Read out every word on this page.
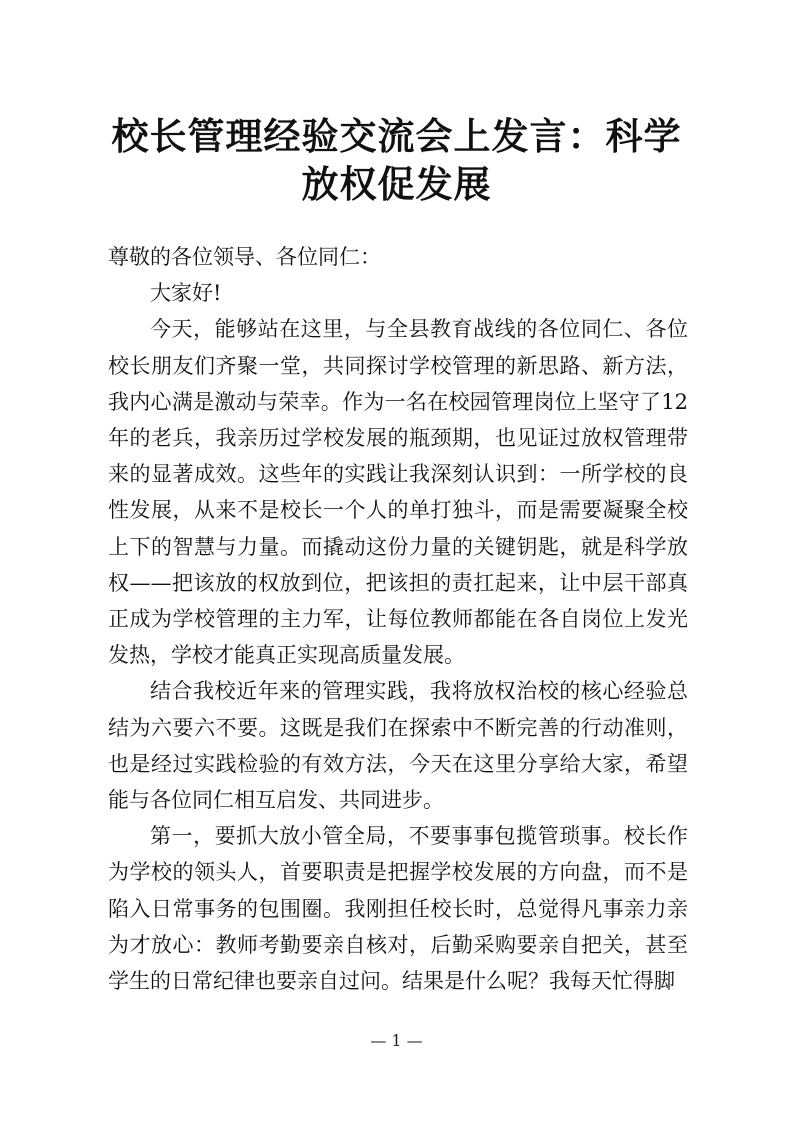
校长管理经验交流会上发言：科学放权促发展

尊敬的各位领导、各位同仁：

大家好!

今天，能够站在这里，与全县教育战线的各位同仁、各位校长朋友们齐聚一堂，共同探讨学校管理的新思路、新方法，我内心满是激动与荣幸。作为一名在校园管理岗位上坚守了12年的老兵，我亲历过学校发展的瓶颈期，也见证过放权管理带来的显著成效。这些年的实践让我深刻认识到：一所学校的良性发展，从来不是校长一个人的单打独斗，而是需要凝聚全校上下的智慧与力量。而撬动这份力量的关键钥匙，就是科学放权——把该放的权放到位，把该担的责扛起来，让中层干部真正成为学校管理的主力军，让每位教师都能在各自岗位上发光发热，学校才能真正实现高质量发展。

结合我校近年来的管理实践，我将放权治校的核心经验总结为六要六不要。这既是我们在探索中不断完善的行动准则，也是经过实践检验的有效方法，今天在这里分享给大家，希望能与各位同仁相互启发、共同进步。

第一，要抓大放小管全局，不要事事包揽管琐事。校长作为学校的领头人，首要职责是把握学校发展的方向盘，而不是陷入日常事务的包围圈。我刚担任校长时，总觉得凡事亲力亲为才放心：教师考勤要亲自核对，后勤采购要亲自把关，甚至学生的日常纪律也要亲自过问。结果是什么呢？我每天忙得脚

— 1 —
